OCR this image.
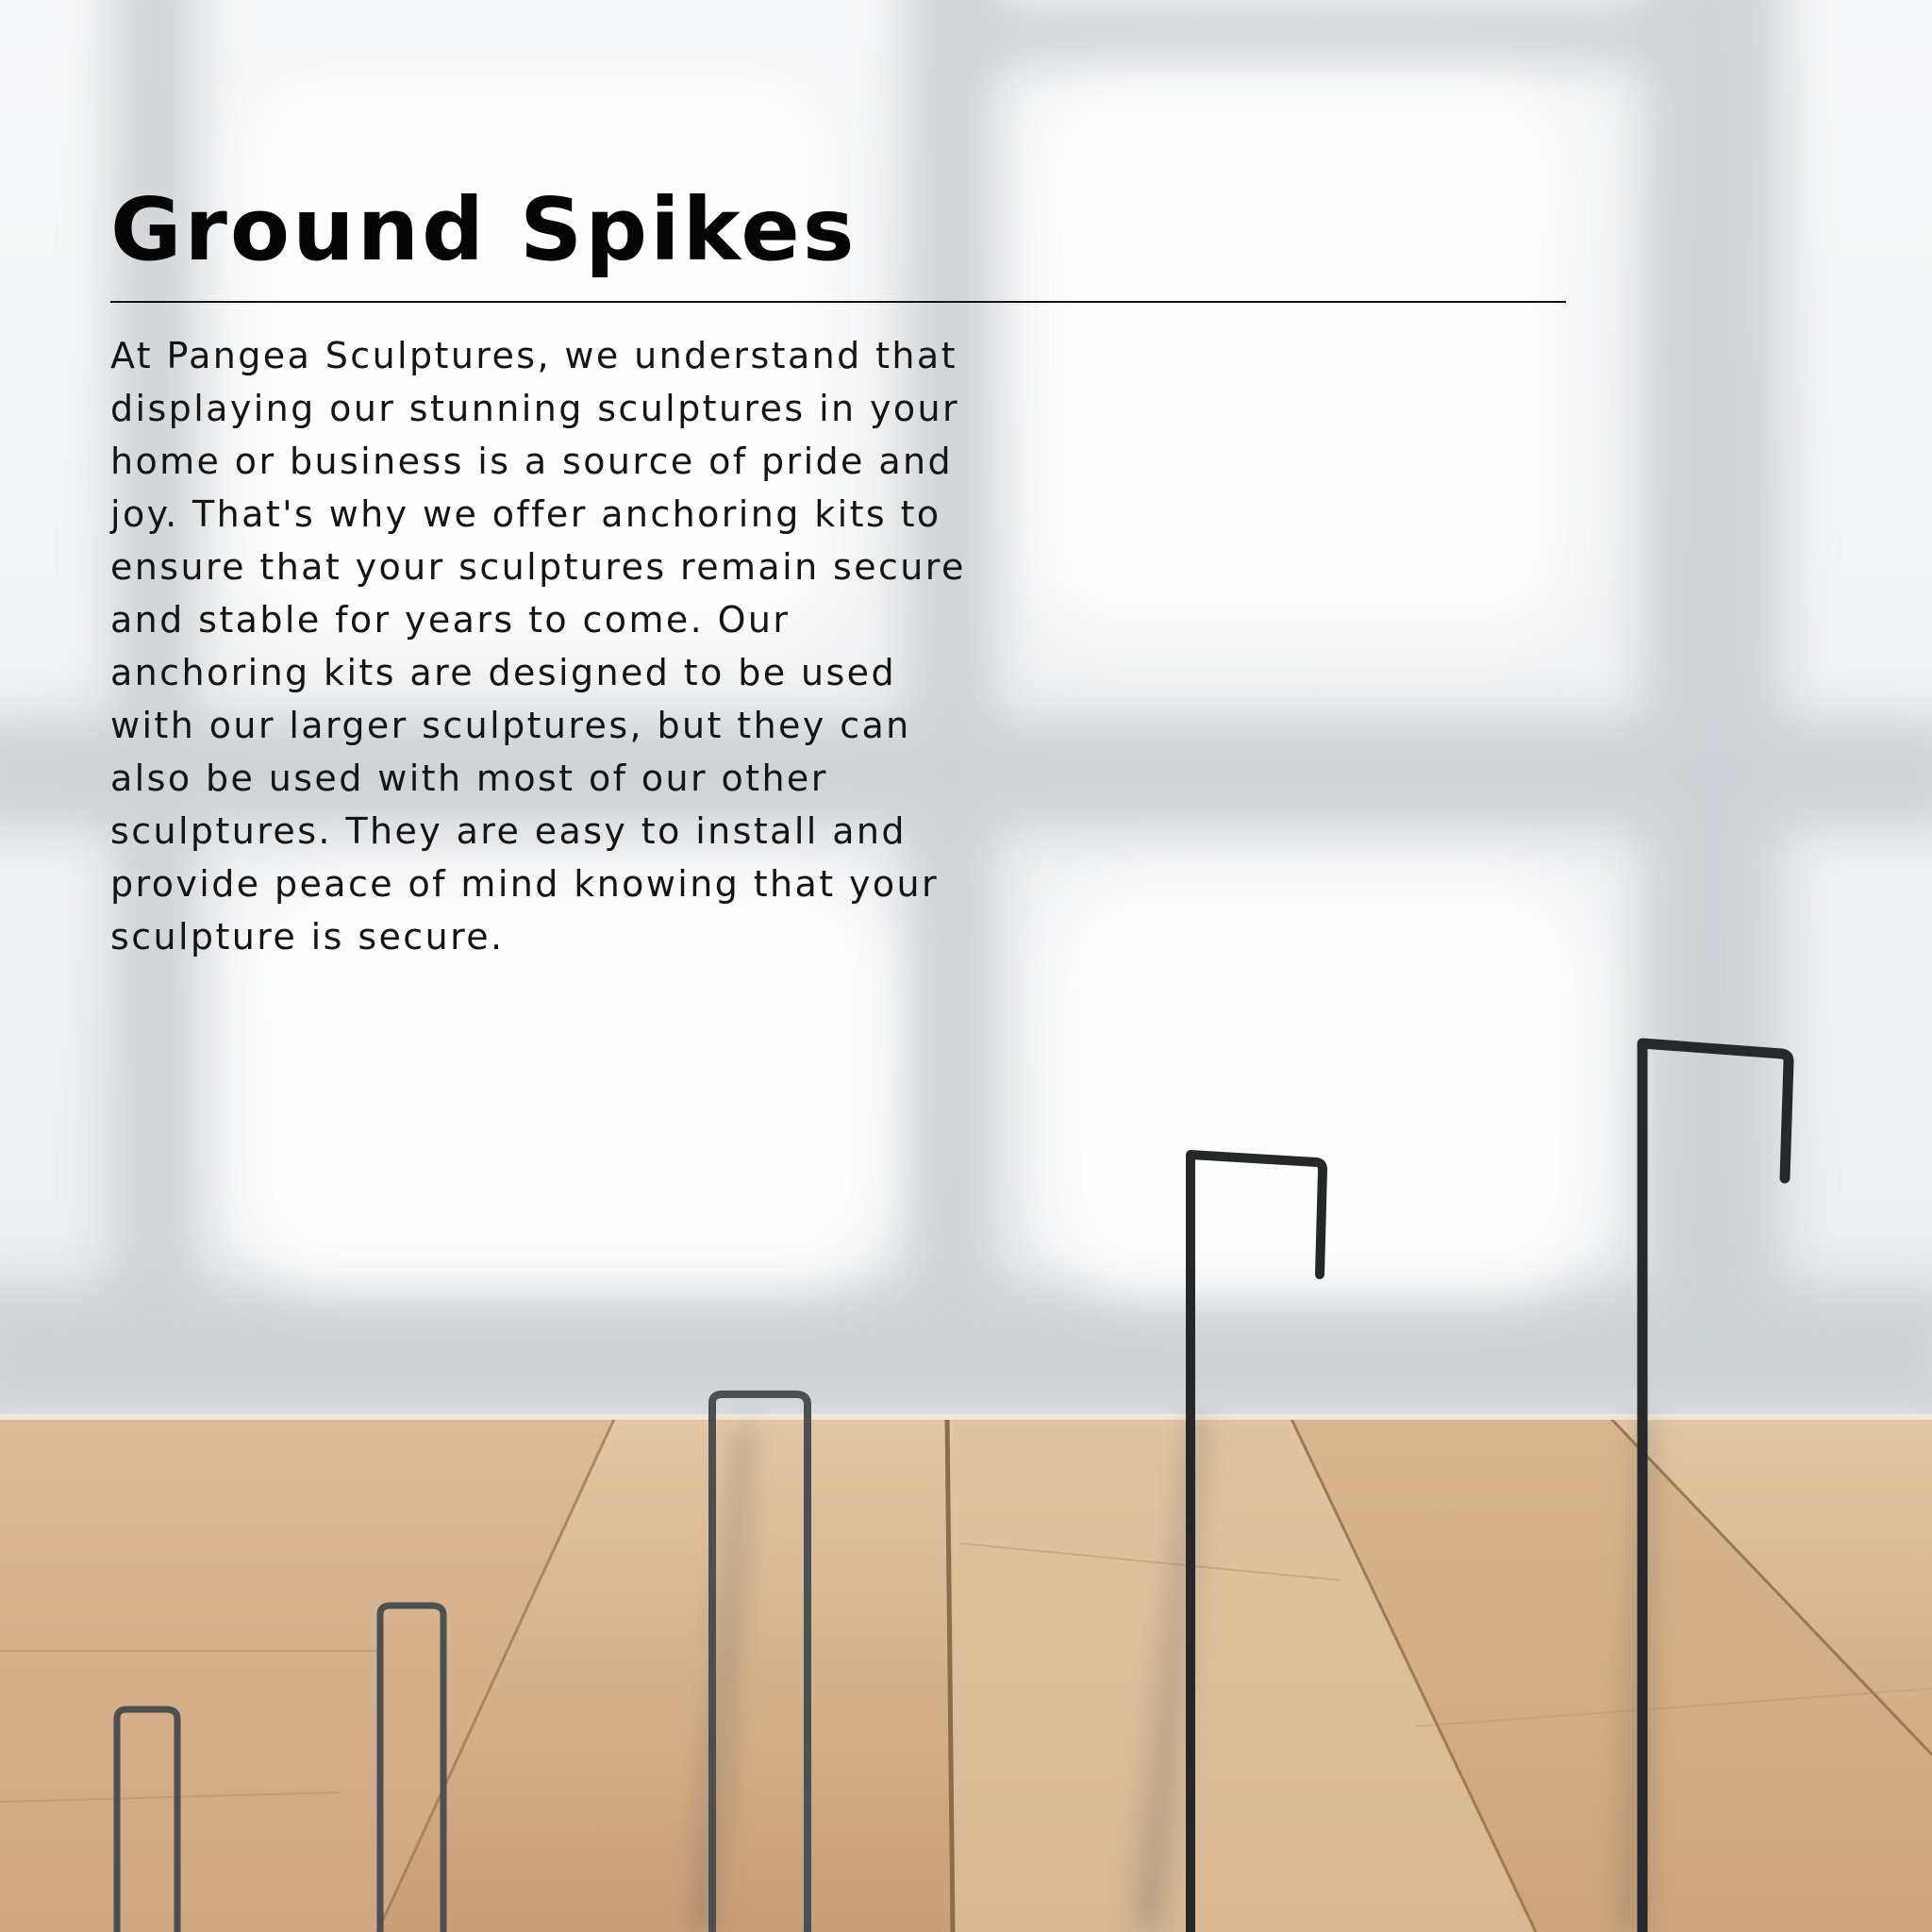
Ground Spikes

At Pangea Sculptures, we understand that displaying our stunning sculptures in your home or business is a source of pride and joy. That's why we offer anchoring kits to ensure that your sculptures remain secure and stable for years to come. Our anchoring kits are designed to be used with our larger sculptures, but they can also be used with most of our other sculptures. They are easy to install and provide peace of mind knowing that your sculpture is secure.
